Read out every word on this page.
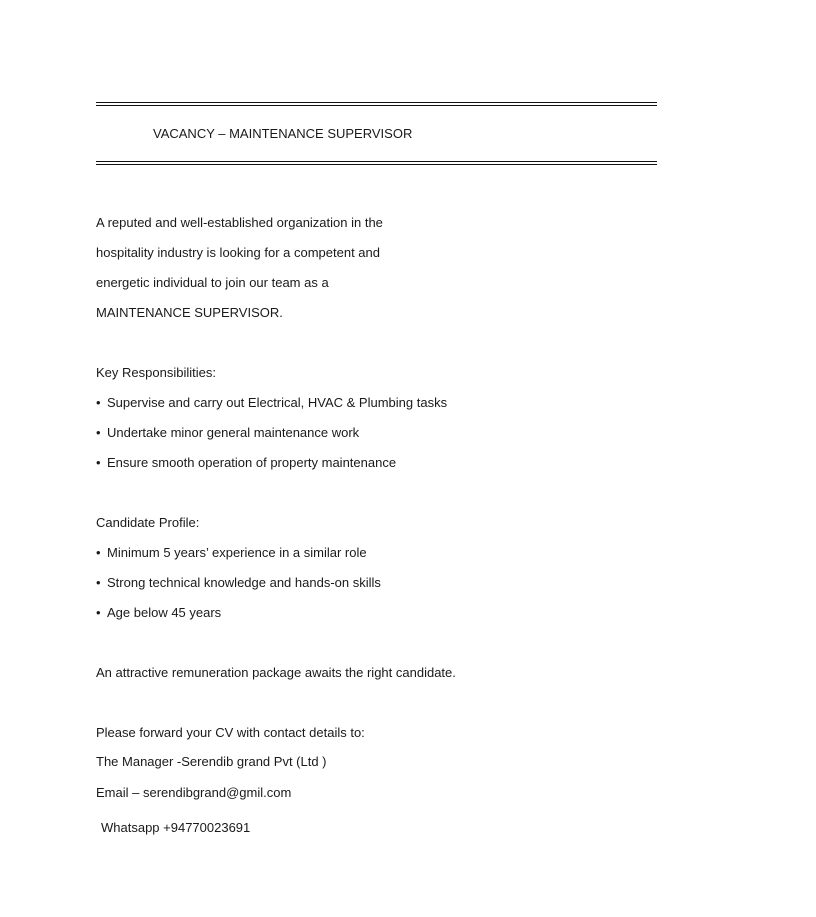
VACANCY – MAINTENANCE SUPERVISOR
A reputed and well-established organization in the
hospitality industry is looking for a competent and
energetic individual to join our team as a
MAINTENANCE SUPERVISOR.
Key Responsibilities:
• Supervise and carry out Electrical, HVAC & Plumbing tasks
• Undertake minor general maintenance work
• Ensure smooth operation of property maintenance
Candidate Profile:
• Minimum 5 years’ experience in a similar role
• Strong technical knowledge and hands-on skills
• Age below 45 years
An attractive remuneration package awaits the right candidate.
Please forward your CV with contact details to:
The Manager -Serendib grand Pvt (Ltd )
Email – serendibgrand@gmil.com
Whatsapp +94770023691
